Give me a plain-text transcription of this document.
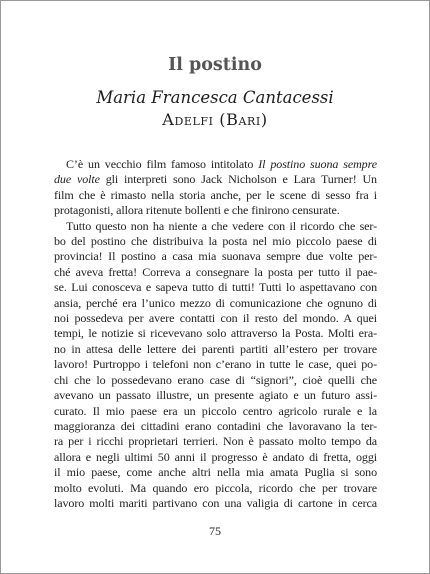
Il postino
Maria Francesca Cantacessi
Adelfi (Bari)
C’è un vecchio film famoso intitolato Il postino suona sempre
due volte gli interpreti sono Jack Nicholson e Lara Turner! Un
film che è rimasto nella storia anche, per le scene di sesso fra i
protagonisti, allora ritenute bollenti e che finirono censurate.
Tutto questo non ha niente a che vedere con il ricordo che ser-
bo del postino che distribuiva la posta nel mio piccolo paese di
provincia! Il postino a casa mia suonava sempre due volte per-
ché aveva fretta! Correva a consegnare la posta per tutto il pae-
se. Lui conosceva e sapeva tutto di tutti! Tutti lo aspettavano con
ansia, perché era l’unico mezzo di comunicazione che ognuno di
noi possedeva per avere contatti con il resto del mondo. A quei
tempi, le notizie si ricevevano solo attraverso la Posta. Molti era-
no in attesa delle lettere dei parenti partiti all’estero per trovare
lavoro! Purtroppo i telefoni non c’erano in tutte le case, quei po-
chi che lo possedevano erano case di “signori”, cioè quelli che
avevano un passato illustre, un presente agiato e un futuro assi-
curato. Il mio paese era un piccolo centro agricolo rurale e la
maggioranza dei cittadini erano contadini che lavoravano la ter-
ra per i ricchi proprietari terrieri. Non è passato molto tempo da
allora e negli ultimi 50 anni il progresso è andato di fretta, oggi
il mio paese, come anche altri nella mia amata Puglia si sono
molto evoluti. Ma quando ero piccola, ricordo che per trovare
lavoro molti mariti partivano con una valigia di cartone in cerca
75
